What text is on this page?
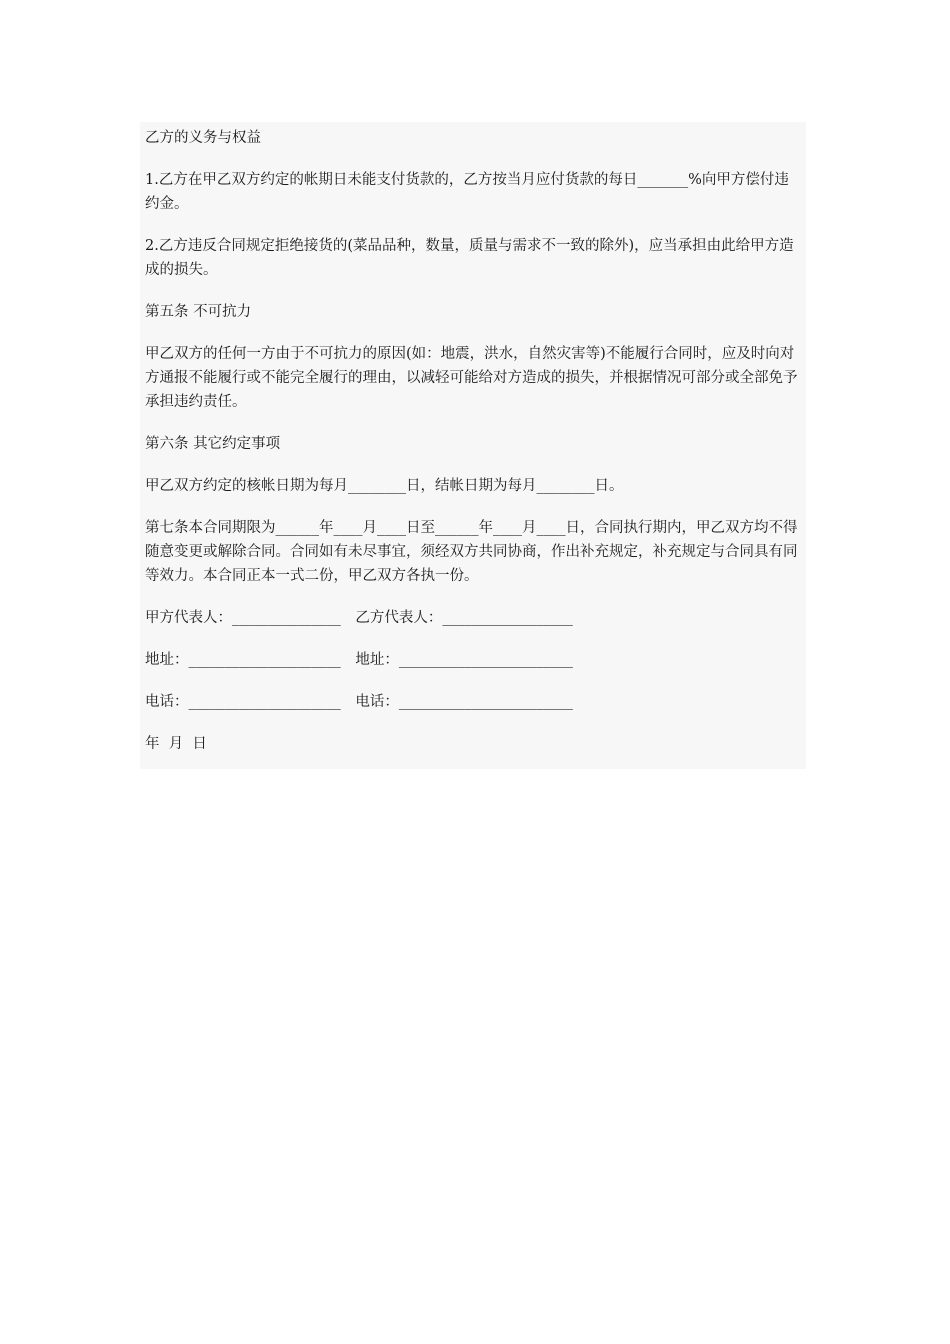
乙方的义务与权益

1.乙方在甲乙双方约定的帐期日未能支付货款的，乙方按当月应付货款的每日_______%向甲方偿付违约金。

2.乙方违反合同规定拒绝接货的(菜品品种，数量，质量与需求不一致的除外)，应当承担由此给甲方造成的损失。

第五条 不可抗力

甲乙双方的任何一方由于不可抗力的原因(如：地震，洪水，自然灾害等)不能履行合同时，应及时向对方通报不能履行或不能完全履行的理由，以减轻可能给对方造成的损失，并根据情况可部分或全部免予承担违约责任。

第六条 其它约定事项

甲乙双方约定的核帐日期为每月________日，结帐日期为每月________日。

第七条本合同期限为______年____月____日至______年____月____日，合同执行期内，甲乙双方均不得随意变更或解除合同。合同如有未尽事宜，须经双方共同协商，作出补充规定，补充规定与合同具有同等效力。本合同正本一式二份，甲乙双方各执一份。

甲方代表人：_______________ 乙方代表人：__________________
地址：_____________________ 地址：________________________
电话：_____________________ 电话：________________________

年  月  日
